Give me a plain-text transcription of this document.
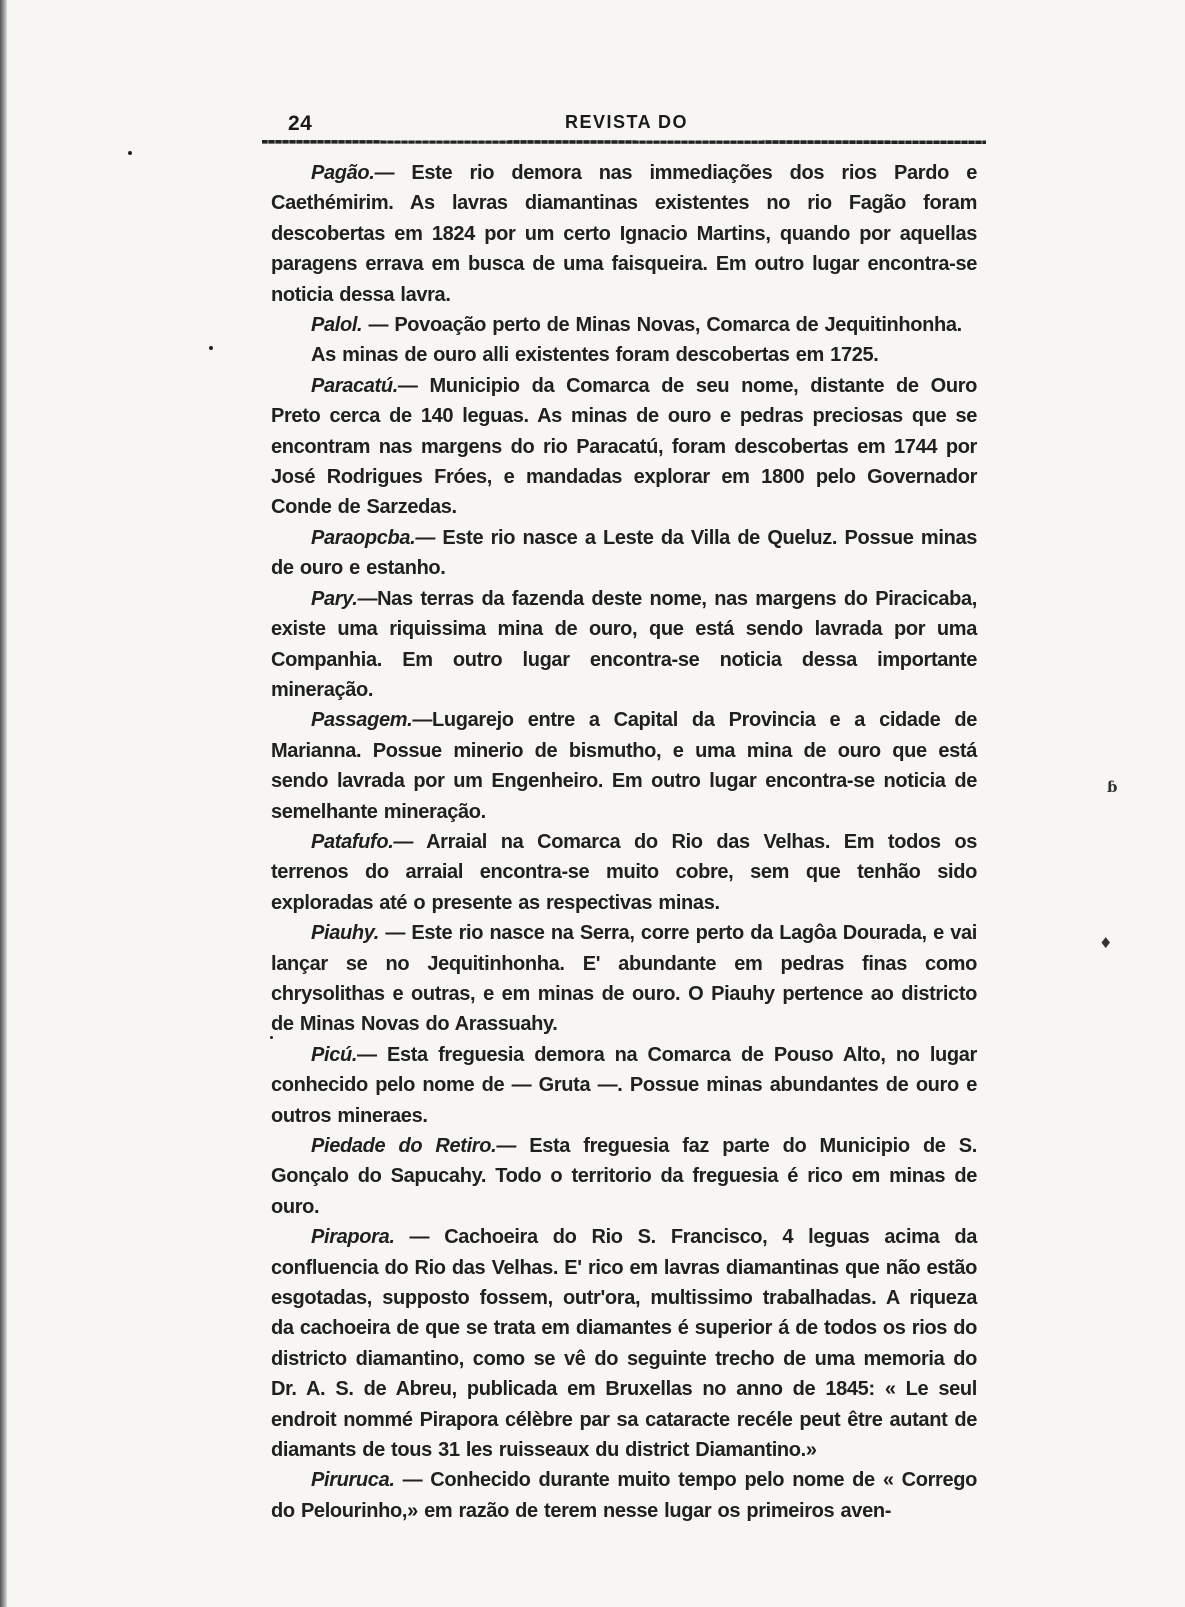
24	REVISTA DO

Pagão.— Este rio demora nas immediações dos rios Pardo e Caethémirim. As lavras diamantinas existentes no rio Fagão foram descobertas em 1824 por um certo Ignacio Martins, quando por aquellas paragens errava em busca de uma faisqueira. Em outro lugar encontra-se noticia dessa lavra.

Palol. — Povoação perto de Minas Novas, Comarca de Jequitinhonha.

As minas de ouro alli existentes foram descobertas em 1725.

Paracatú.— Municipio da Comarca de seu nome, distante de Ouro Preto cerca de 140 leguas. As minas de ouro e pedras preciosas que se encontram nas margens do rio Paracatú, foram descobertas em 1744 por José Rodrigues Fróes, e mandadas explorar em 1800 pelo Governador Conde de Sarzedas.

Paraopcba.— Este rio nasce a Leste da Villa de Queluz. Possue minas de ouro e estanho.

Pary.—Nas terras da fazenda deste nome, nas margens do Piracicaba, existe uma riquissima mina de ouro, que está sendo lavrada por uma Companhia. Em outro lugar encontra-se noticia dessa importante mineração.

Passagem.—Lugarejo entre a Capital da Provincia e a cidade de Marianna. Possue minerio de bismutho, e uma mina de ouro que está sendo lavrada por um Engenheiro. Em outro lugar encontra-se noticia de semelhante mineração.

Patafufo.— Arraial na Comarca do Rio das Velhas. Em todos os terrenos do arraial encontra-se muito cobre, sem que tenhão sido exploradas até o presente as respectivas minas.

Piauhy. — Este rio nasce na Serra, corre perto da Lagôa Dourada, e vai lançar se no Jequitinhonha. E' abundante em pedras finas como chrysolithas e outras, e em minas de ouro. O Piauhy pertence ao districto de Minas Novas do Arassuahy.

Picú.— Esta freguesia demora na Comarca de Pouso Alto, no lugar conhecido pelo nome de — Gruta —. Possue minas abundantes de ouro e outros mineraes.

Piedade do Retiro.— Esta freguesia faz parte do Municipio de S. Gonçalo do Sapucahy. Todo o territorio da freguesia é rico em minas de ouro.

Pirapora. — Cachoeira do Rio S. Francisco, 4 leguas acima da confluencia do Rio das Velhas. E' rico em lavras diamantinas que não estão esgotadas, supposto fossem, outr'ora, multissimo trabalhadas. A riqueza da cachoeira de que se trata em diamantes é superior á de todos os rios do districto diamantino, como se vê do seguinte trecho de uma memoria do Dr. A. S. de Abreu, publicada em Bruxellas no anno de 1845: « Le seul endroit nommé Pirapora célèbre par sa cataracte recéle peut être autant de diamants de tous 31 les ruisseaux du district Diamantino.»

Piruruca. — Conhecido durante muito tempo pelo nome de « Corrego do Pelourinho,» em razão de terem nesse lugar os primeiros aven-

ɓ
♦
